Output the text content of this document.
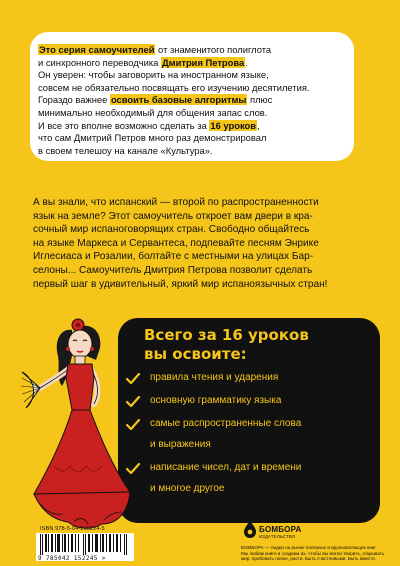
Это серия самоучителей от знаменитого полиглота

и синхронного переводчика Дмитрия Петрова.

Он уверен: чтобы заговорить на иностранном языке,

совсем не обязательно посвящать его изучению десятилетия.

Гораздо важнее освоить базовые алгоритмы плюс

минимально необходимый для общения запас слов.

И все это вполне возможно сделать за 16 уроков,

что сам Дмитрий Петров много раз демонстрировал

в своем телешоу на канале «Культура».

А вы знали, что испанский — второй по распространенности

язык на земле? Этот самоучитель откроет вам двери в кра-

сочный мир испаноговорящих стран. Свободно общайтесь

на языке Маркеса и Сервантеса, подпевайте песням Энрике

Иглесиаса и Розалии, болтайте с местными на улицах Бар-

селоны... Самоучитель Дмитрия Петрова позволит сделать

первый шаг в удивительный, яркий мир испаноязычных стран!

Всего за 16 уроков
вы освоите:
правила чтения и ударения
основную грамматику языка
самые распространенные слова
и выражения
написание чисел, дат и времени
и многое другое
ISBN 978-5-04-215224-5
9 785042 152245 >
БОМБОРА
ИЗДАТЕЛЬСТВО

БОМБОРА — лидер на рынке полезных и вдохновляющих книг.

Мы любим книги и создаем их, чтобы вы могли творить, открывать

мир, пробовать новое, расти. Быть счастливыми. Быть вместе.
